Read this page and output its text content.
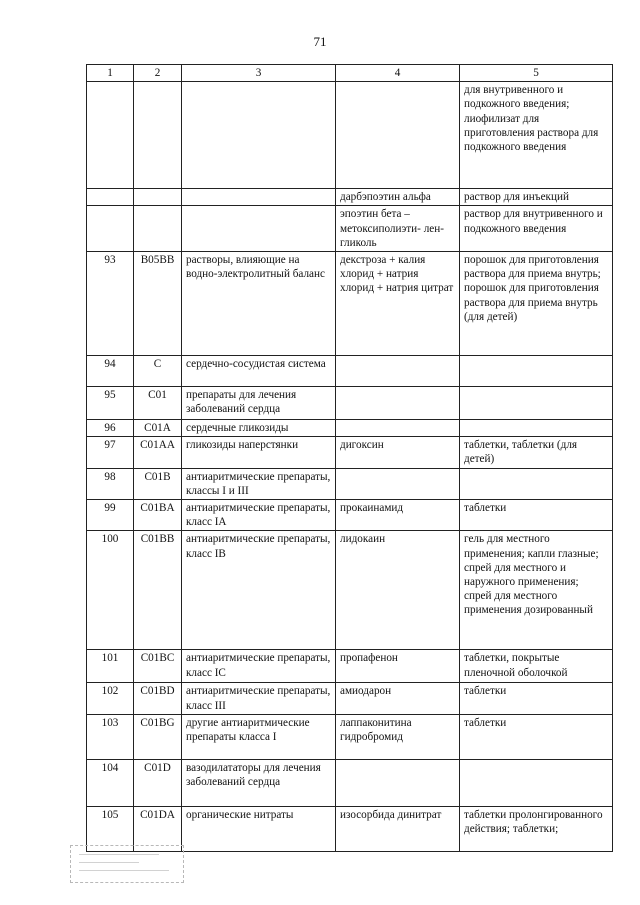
71
1	2	3	4	5
				для внутривенного и подкожного введения; лиофилизат для приготовления раствора для подкожного введения
			дарбэпоэтин альфа	раствор для инъекций
			эпоэтин бета – метоксиполиэти- лен-гликоль	раствор для внутривенного и подкожного введения
93	B05BB	растворы, влияющие на водно-электролитный баланс	декстроза + калия хлорид + натрия хлорид + натрия цитрат	порошок для приготовления раствора для приема внутрь; порошок для приготовления раствора для приема внутрь (для детей)
94	C	сердечно-сосудистая система		
95	C01	препараты для лечения заболеваний сердца		
96	C01A	сердечные гликозиды		
97	C01AA	гликозиды наперстянки	дигоксин	таблетки, таблетки (для детей)
98	C01B	антиаритмические препараты, классы I и III		
99	C01BA	антиаритмические препараты, класс IA	прокаинамид	таблетки
100	C01BB	антиаритмические препараты, класс IB	лидокаин	гель для местного применения; капли глазные; спрей для местного и наружного применения; спрей для местного применения дозированный
101	C01BC	антиаритмические препараты, класс IC	пропафенон	таблетки, покрытые пленочной оболочкой
102	C01BD	антиаритмические препараты, класс III	амиодарон	таблетки
103	C01BG	другие антиаритмические препараты класса I	лаппаконитина гидробромид	таблетки
104	C01D	вазодилататоры для лечения заболеваний сердца		
105	C01DA	органические нитраты	изосорбида динитрат	таблетки пролонгированного действия; таблетки;
